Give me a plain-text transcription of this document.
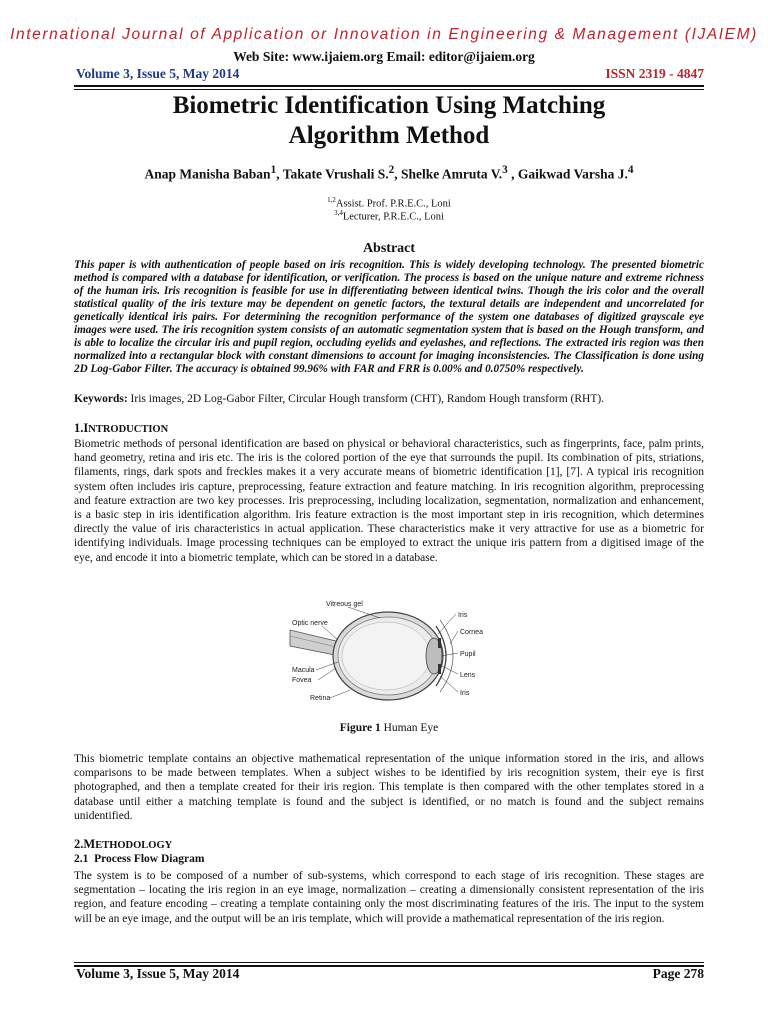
International Journal of Application or Innovation in Engineering & Management (IJAIEM)
Web Site: www.ijaiem.org Email: editor@ijaiem.org
Volume 3, Issue 5, May 2014	ISSN 2319 - 4847
Biometric Identification Using Matching
Algorithm Method
Anap Manisha Baban$^1$, Takate Vrushali S.$^2$, Shelke Amruta V.$^3$ , Gaikwad Varsha J.$^4$
$^{1,2}$Assist. Prof. P.R.E.C., Loni
$^{3,4}$Lecturer, P.R.E.C., Loni
Abstract
This paper is with authentication of people based on iris recognition. This is widely developing technology. The presented biometric method is compared with a database for identification, or verification. The process is based on the unique nature and extreme richness of the human iris. Iris recognition is feasible for use in differentiating between identical twins. Though the iris color and the overall statistical quality of the iris texture may be dependent on genetic factors, the textural details are independent and uncorrelated for genetically identical iris pairs. For determining the recognition performance of the system one databases of digitized grayscale eye images were used. The iris recognition system consists of an automatic segmentation system that is based on the Hough transform, and is able to localize the circular iris and pupil region, occluding eyelids and eyelashes, and reflections. The extracted iris region was then normalized into a rectangular block with constant dimensions to account for imaging inconsistencies. The Classification is done using 2D Log-Gabor Filter. The accuracy is obtained 99.96% with FAR and FRR is 0.00% and 0.0750% respectively.
Keywords: Iris images, 2D Log-Gabor Filter, Circular Hough transform (CHT), Random Hough transform (RHT).
1.INTRODUCTION
Biometric methods of personal identification are based on physical or behavioral characteristics, such as fingerprints, face, palm prints, hand geometry, retina and iris etc. The iris is the colored portion of the eye that surrounds the pupil. Its combination of pits, striations, filaments, rings, dark spots and freckles makes it a very accurate means of biometric identification [1], [7]. A typical iris recognition system often includes iris capture, preprocessing, feature extraction and feature matching. In iris recognition algorithm, preprocessing and feature extraction are two key processes. Iris preprocessing, including localization, segmentation, normalization and enhancement, is a basic step in iris identification algorithm. Iris feature extraction is the most important step in iris recognition, which determines directly the value of iris characteristics in actual application. These characteristics make it very attractive for use as a biometric for identifying individuals. Image processing techniques can be employed to extract the unique iris pattern from a digitised image of the eye, and encode it into a biometric template, which can be stored in a database.
Vitreous gel
Optic nerve
Iris
Cornea
Pupil
Lens
Iris
Macula
Fovea
Retina
Figure 1 Human Eye
This biometric template contains an objective mathematical representation of the unique information stored in the iris, and allows comparisons to be made between templates. When a subject wishes to be identified by iris recognition system, their eye is first photographed, and then a template created for their iris region. This template is then compared with the other templates stored in a database until either a matching template is found and the subject is identified, or no match is found and the subject remains unidentified.
2.METHODOLOGY
2.1 Process Flow Diagram
The system is to be composed of a number of sub-systems, which correspond to each stage of iris recognition. These stages are segmentation – locating the iris region in an eye image, normalization – creating a dimensionally consistent representation of the iris region, and feature encoding – creating a template containing only the most discriminating features of the iris. The input to the system will be an eye image, and the output will be an iris template, which will provide a mathematical representation of the iris region.
Volume 3, Issue 5, May 2014	Page 278
